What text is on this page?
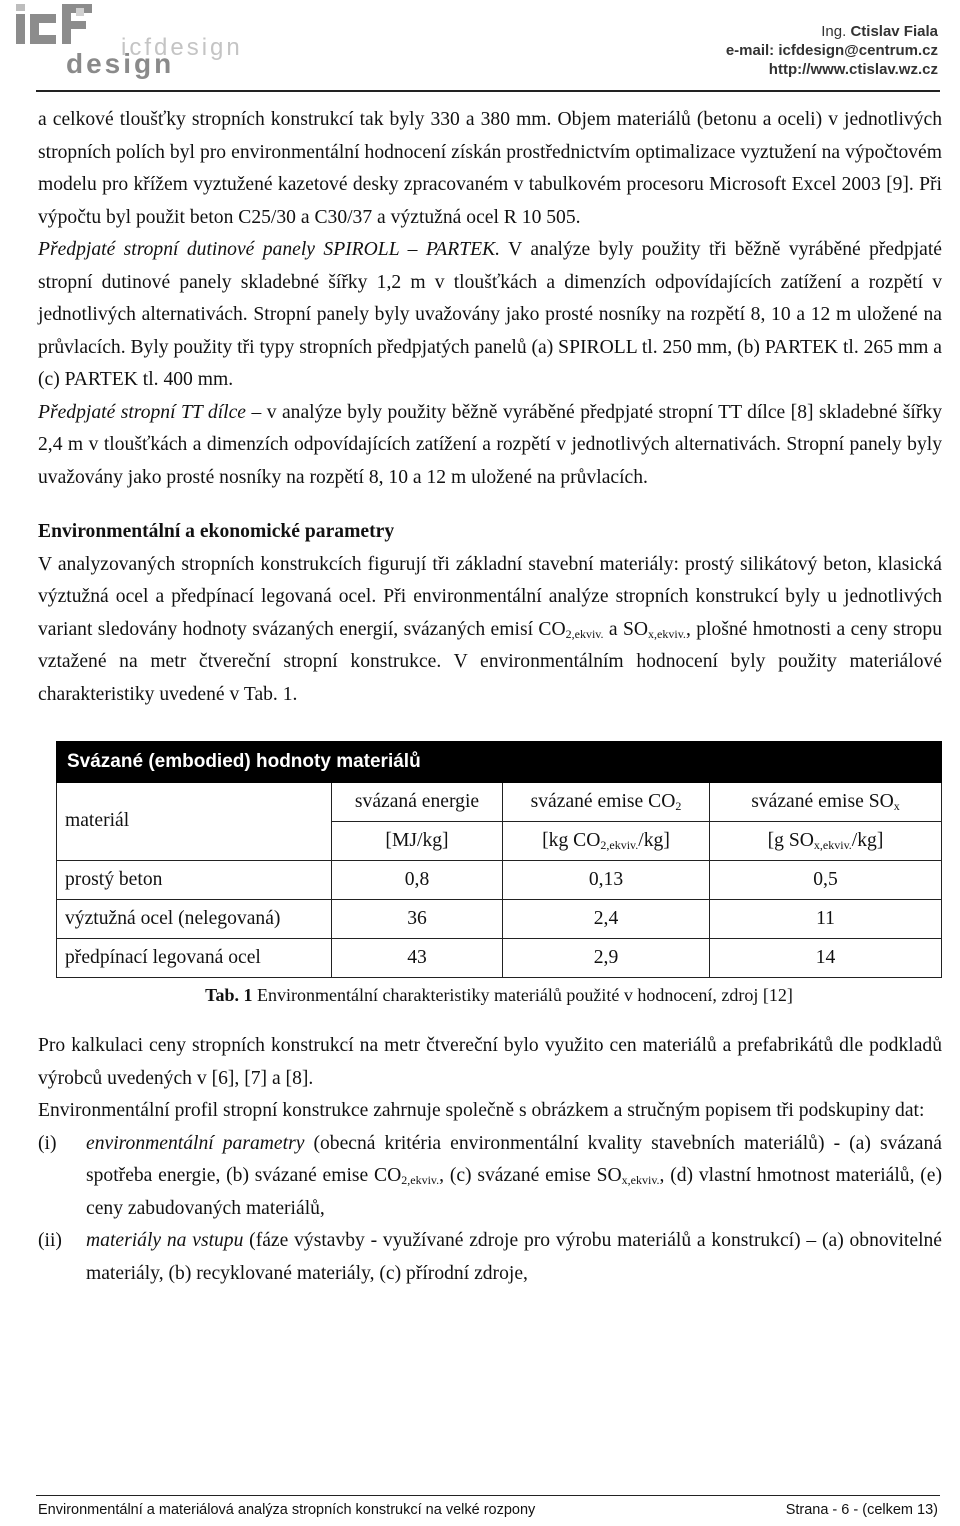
icfdesign
design
Ing. Ctislav Fiala
e-mail: icfdesign@centrum.cz
http://www.ctislav.wz.cz

a celkové tloušťky stropních konstrukcí tak byly 330 a 380 mm. Objem materiálů (betonu a oceli) v jednotlivých stropních polích byl pro environmentální hodnocení získán prostřednictvím optimalizace vyztužení na výpočtovém modelu pro křížem vyztužené kazetové desky zpracovaném v tabulkovém procesoru Microsoft Excel 2003 [9]. Při výpočtu byl použit beton C25/30 a C30/37 a výztužná ocel R 10 505.

Předpjaté stropní dutinové panely SPIROLL – PARTEK. V analýze byly použity tři běžně vyráběné předpjaté stropní dutinové panely skladebné šířky 1,2 m v tloušťkách a dimenzích odpovídajících zatížení a rozpětí v jednotlivých alternativách. Stropní panely byly uvažovány jako prosté nosníky na rozpětí 8, 10 a 12 m uložené na průvlacích. Byly použity tři typy stropních předpjatých panelů (a) SPIROLL tl. 250 mm, (b) PARTEK tl. 265 mm a (c) PARTEK tl. 400 mm.

Předpjaté stropní TT dílce – v analýze byly použity běžně vyráběné předpjaté stropní TT dílce [8] skladebné šířky 2,4 m v tloušťkách a dimenzích odpovídajících zatížení a rozpětí v jednotlivých alternativách. Stropní panely byly uvažovány jako prosté nosníky na rozpětí 8, 10 a 12 m uložené na průvlacích.

Environmentální a ekonomické parametry

V analyzovaných stropních konstrukcích figurují tři základní stavební materiály: prostý silikátový beton, klasická výztužná ocel a předpínací legovaná ocel. Při environmentální analýze stropních konstrukcí byly u jednotlivých variant sledovány hodnoty svázaných energií, svázaných emisí $CO_{2,ekviv.}$ a $SO_{x,ekviv.}$, plošné hmotnosti a ceny stropu vztažené na metr čtvereční stropní konstrukce. V environmentálním hodnocení byly použity materiálové charakteristiky uvedené v Tab. 1.

Svázané (embodied) hodnoty materiálů			
materiál	svázaná energie	svázané emise $CO_2$	svázané emise $SO_x$
	[MJ/kg]	[kg $CO_{2,ekviv.}/kg$]	[g $SO_{x,ekviv.}/kg$]
prostý beton	0,8	0,13	0,5
výztužná ocel (nelegovaná)	36	2,4	11
předpínací legovaná ocel	43	2,9	14
Tab. 1 Environmentální charakteristiky materiálů použité v hodnocení, zdroj [12]

Pro kalkulaci ceny stropních konstrukcí na metr čtvereční bylo využito cen materiálů a prefabrikátů dle podkladů výrobců uvedených v [6], [7] a [8].

Environmentální profil stropní konstrukce zahrnuje společně s obrázkem a stručným popisem tři podskupiny dat:

(i)	environmentální parametry (obecná kritéria environmentální kvality stavebních materiálů) - (a) svázaná spotřeba energie, (b) svázané emise $CO_{2,ekviv.}$, (c) svázané emise $SO_{x,ekviv.}$, (d) vlastní hmotnost materiálů, (e) ceny zabudovaných materiálů,
(ii)	materiály na vstupu (fáze výstavby - využívané zdroje pro výrobu materiálů a konstrukcí) – (a) obnovitelné materiály, (b) recyklované materiály, (c) přírodní zdroje,
Environmentální a materiálová analýza stropních konstrukcí na velké rozpony	Strana - 6 - (celkem 13)
